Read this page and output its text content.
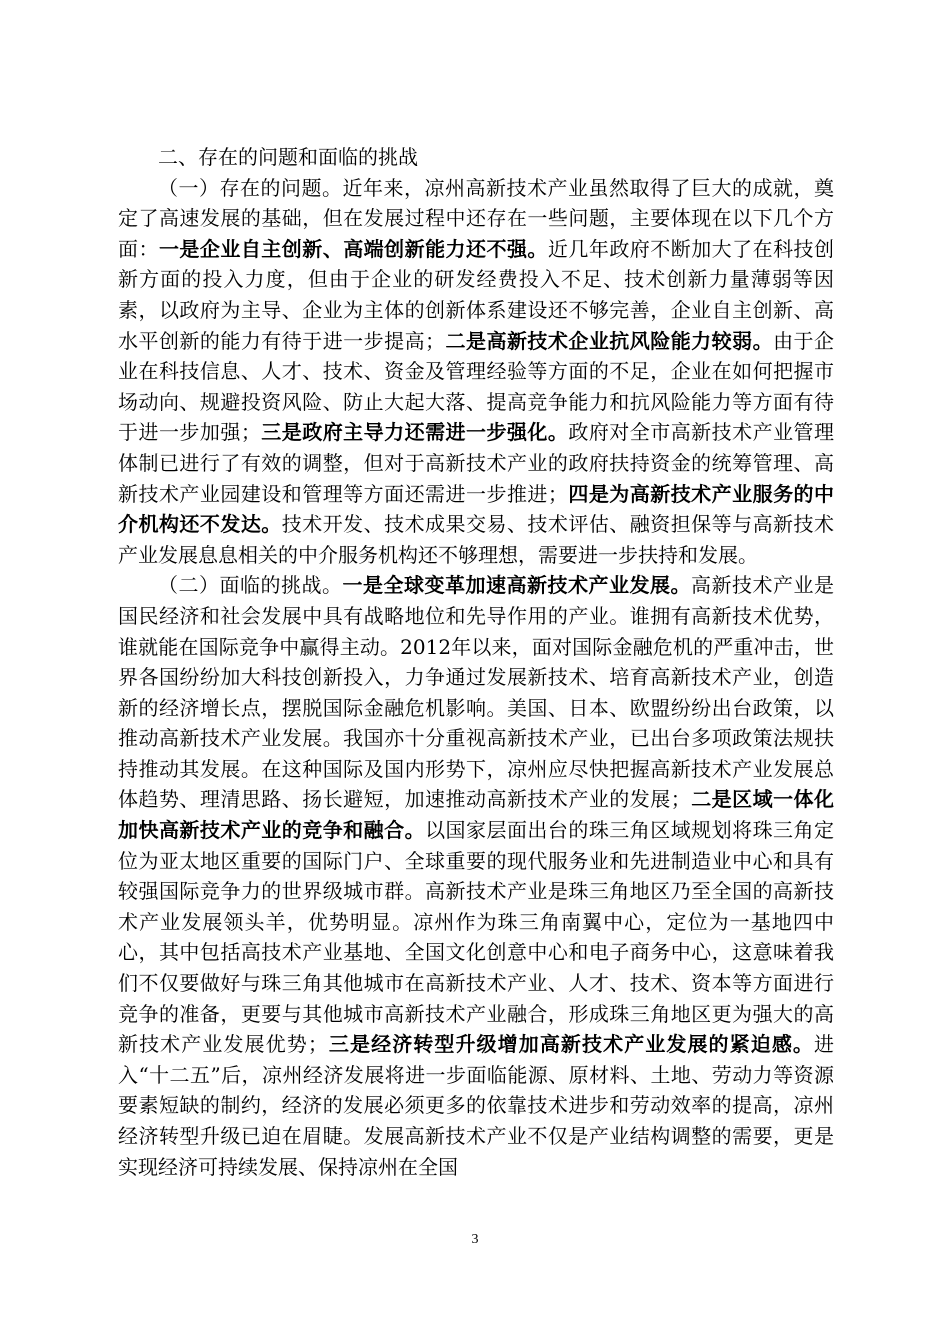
二、存在的问题和面临的挑战

（一）存在的问题。近年来，凉州高新技术产业虽然取得了巨大的成就，奠定了高速发展的基础，但在发展过程中还存在一些问题，主要体现在以下几个方面：一是企业自主创新、高端创新能力还不强。近几年政府不断加大了在科技创新方面的投入力度，但由于企业的研发经费投入不足、技术创新力量薄弱等因素，以政府为主导、企业为主体的创新体系建设还不够完善，企业自主创新、高水平创新的能力有待于进一步提高；二是高新技术企业抗风险能力较弱。由于企业在科技信息、人才、技术、资金及管理经验等方面的不足，企业在如何把握市场动向、规避投资风险、防止大起大落、提高竞争能力和抗风险能力等方面有待于进一步加强；三是政府主导力还需进一步强化。政府对全市高新技术产业管理体制已进行了有效的调整，但对于高新技术产业的政府扶持资金的统筹管理、高新技术产业园建设和管理等方面还需进一步推进；四是为高新技术产业服务的中介机构还不发达。技术开发、技术成果交易、技术评估、融资担保等与高新技术产业发展息息相关的中介服务机构还不够理想，需要进一步扶持和发展。

（二）面临的挑战。一是全球变革加速高新技术产业发展。高新技术产业是国民经济和社会发展中具有战略地位和先导作用的产业。谁拥有高新技术优势，谁就能在国际竞争中赢得主动。2012年以来，面对国际金融危机的严重冲击，世界各国纷纷加大科技创新投入，力争通过发展新技术、培育高新技术产业，创造新的经济增长点，摆脱国际金融危机影响。美国、日本、欧盟纷纷出台政策，以推动高新技术产业发展。我国亦十分重视高新技术产业，已出台多项政策法规扶持推动其发展。在这种国际及国内形势下，凉州应尽快把握高新技术产业发展总体趋势、理清思路、扬长避短，加速推动高新技术产业的发展；二是区域一体化加快高新技术产业的竞争和融合。以国家层面出台的珠三角区域规划将珠三角定位为亚太地区重要的国际门户、全球重要的现代服务业和先进制造业中心和具有较强国际竞争力的世界级城市群。高新技术产业是珠三角地区乃至全国的高新技术产业发展领头羊，优势明显。凉州作为珠三角南翼中心，定位为一基地四中心，其中包括高技术产业基地、全国文化创意中心和电子商务中心，这意味着我们不仅要做好与珠三角其他城市在高新技术产业、人才、技术、资本等方面进行竞争的准备，更要与其他城市高新技术产业融合，形成珠三角地区更为强大的高新技术产业发展优势；三是经济转型升级增加高新技术产业发展的紧迫感。进入“十二五”后，凉州经济发展将进一步面临能源、原材料、土地、劳动力等资源要素短缺的制约，经济的发展必须更多的依靠技术进步和劳动效率的提高，凉州经济转型升级已迫在眉睫。发展高新技术产业不仅是产业结构调整的需要，更是实现经济可持续发展、保持凉州在全国

3
